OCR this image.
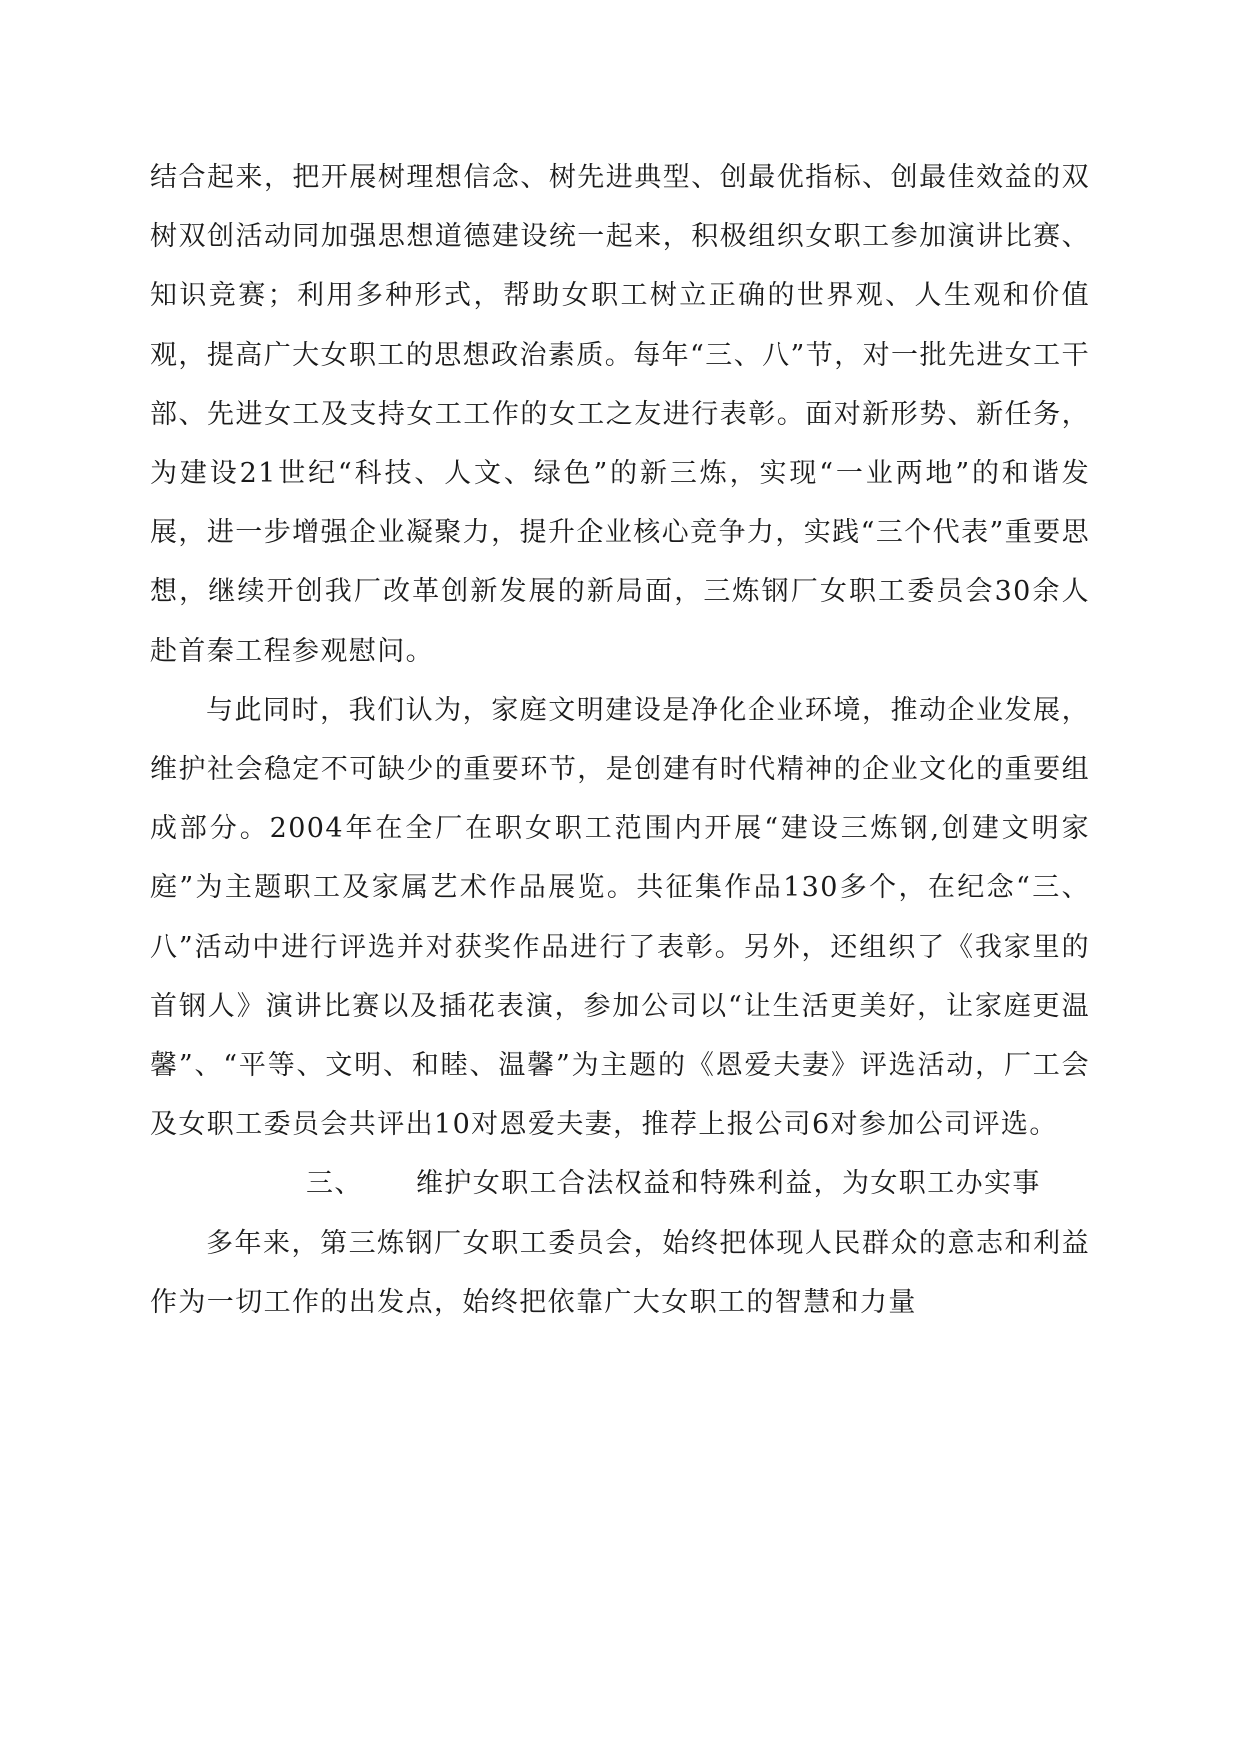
结合起来，把开展树理想信念、树先进典型、创最优指标、创最佳效益的双树双创活动同加强思想道德建设统一起来，积极组织女职工参加演讲比赛、知识竞赛；利用多种形式，帮助女职工树立正确的世界观、人生观和价值观，提高广大女职工的思想政治素质。每年“三、八”节，对一批先进女工干部、先进女工及支持女工工作的女工之友进行表彰。面对新形势、新任务，为建设21世纪“科技、人文、绿色”的新三炼，实现“一业两地”的和谐发展，进一步增强企业凝聚力，提升企业核心竞争力，实践“三个代表”重要思想，继续开创我厂改革创新发展的新局面，三炼钢厂女职工委员会30余人赴首秦工程参观慰问。

与此同时，我们认为，家庭文明建设是净化企业环境，推动企业发展，维护社会稳定不可缺少的重要环节，是创建有时代精神的企业文化的重要组成部分。2004年在全厂在职女职工范围内开展“建设三炼钢,创建文明家庭”为主题职工及家属艺术作品展览。共征集作品130多个，在纪念“三、八”活动中进行评选并对获奖作品进行了表彰。另外，还组织了《我家里的首钢人》演讲比赛以及插花表演，参加公司以“让生活更美好，让家庭更温馨”、“平等、文明、和睦、温馨”为主题的《恩爱夫妻》评选活动，厂工会及女职工委员会共评出10对恩爱夫妻，推荐上报公司6对参加公司评选。

三、	维护女职工合法权益和特殊利益，为女职工办实事

多年来，第三炼钢厂女职工委员会，始终把体现人民群众的意志和利益作为一切工作的出发点，始终把依靠广大女职工的智慧和力量
